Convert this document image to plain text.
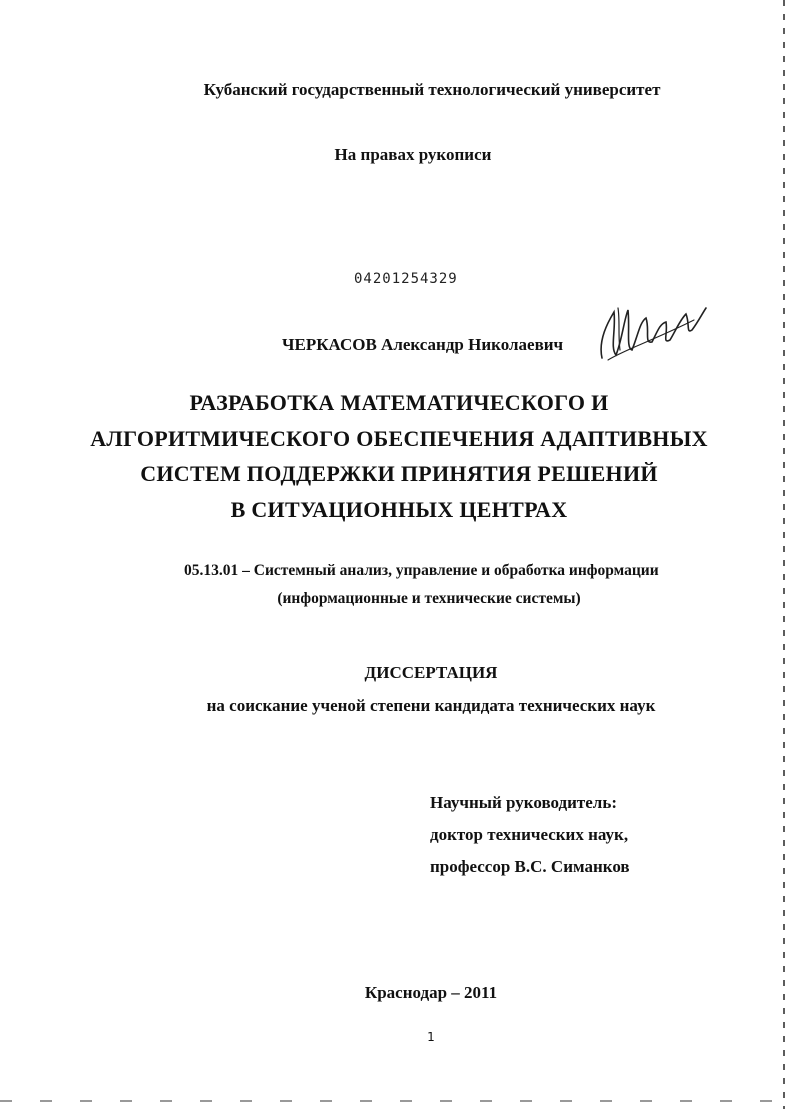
Кубанский государственный технологический университет
На правах рукописи
04201254329
ЧЕРКАСОВ Александр Николаевич
РАЗРАБОТКА МАТЕМАТИЧЕСКОГО И
АЛГОРИТМИЧЕСКОГО ОБЕСПЕЧЕНИЯ АДАПТИВНЫХ
СИСТЕМ ПОДДЕРЖКИ ПРИНЯТИЯ РЕШЕНИЙ
В СИТУАЦИОННЫХ ЦЕНТРАХ
05.13.01 – Системный анализ, управление и обработка информации
(информационные и технические системы)
ДИССЕРТАЦИЯ
на соискание ученой степени кандидата технических наук
Научный руководитель:
доктор технических наук,
профессор В.С. Симанков
Краснодар – 2011
1
